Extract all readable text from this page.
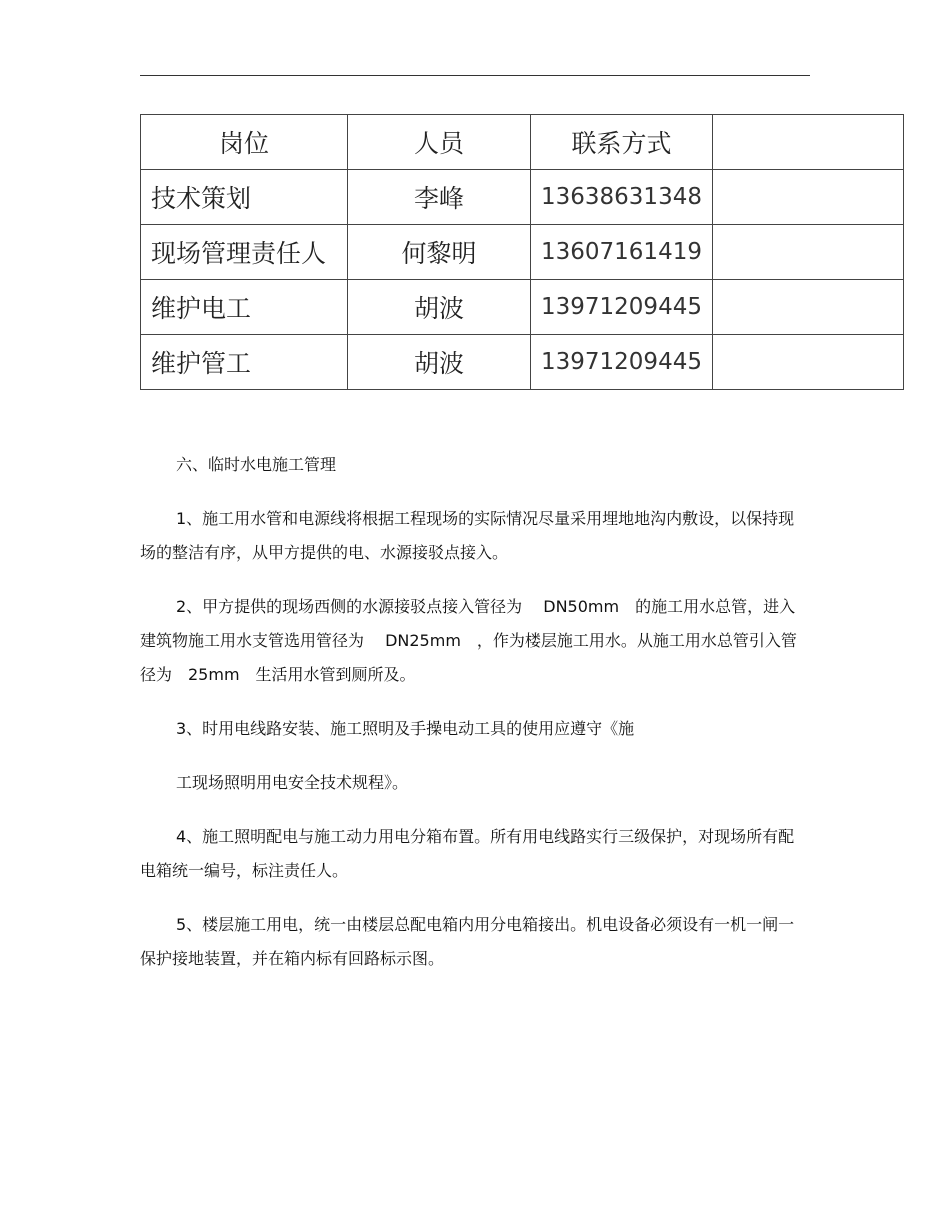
岗位	人员	联系方式	
技术策划	李峰	13638631348	
现场管理责任人	何黎明	13607161419	
维护电工	胡波	13971209445	
维护管工	胡波	13971209445	

六、临时水电施工管理

1、施工用水管和电源线将根据工程现场的实际情况尽量采用埋地地沟内敷设，以保持现场的整洁有序，从甲方提供的电、水源接驳点接入。

2、甲方提供的现场西侧的水源接驳点接入管径为　 DN50mm　的施工用水总管，进入建筑物施工用水支管选用管径为　 DN25mm　，作为楼层施工用水。从施工用水总管引入管径为　25mm　生活用水管到厕所及。

3、时用电线路安装、施工照明及手操电动工具的使用应遵守《施

工现场照明用电安全技术规程》。

4、施工照明配电与施工动力用电分箱布置。所有用电线路实行三级保护，对现场所有配电箱统一编号，标注责任人。

5、楼层施工用电，统一由楼层总配电箱内用分电箱接出。机电设备必须设有一机一闸一保护接地装置，并在箱内标有回路标示图。
